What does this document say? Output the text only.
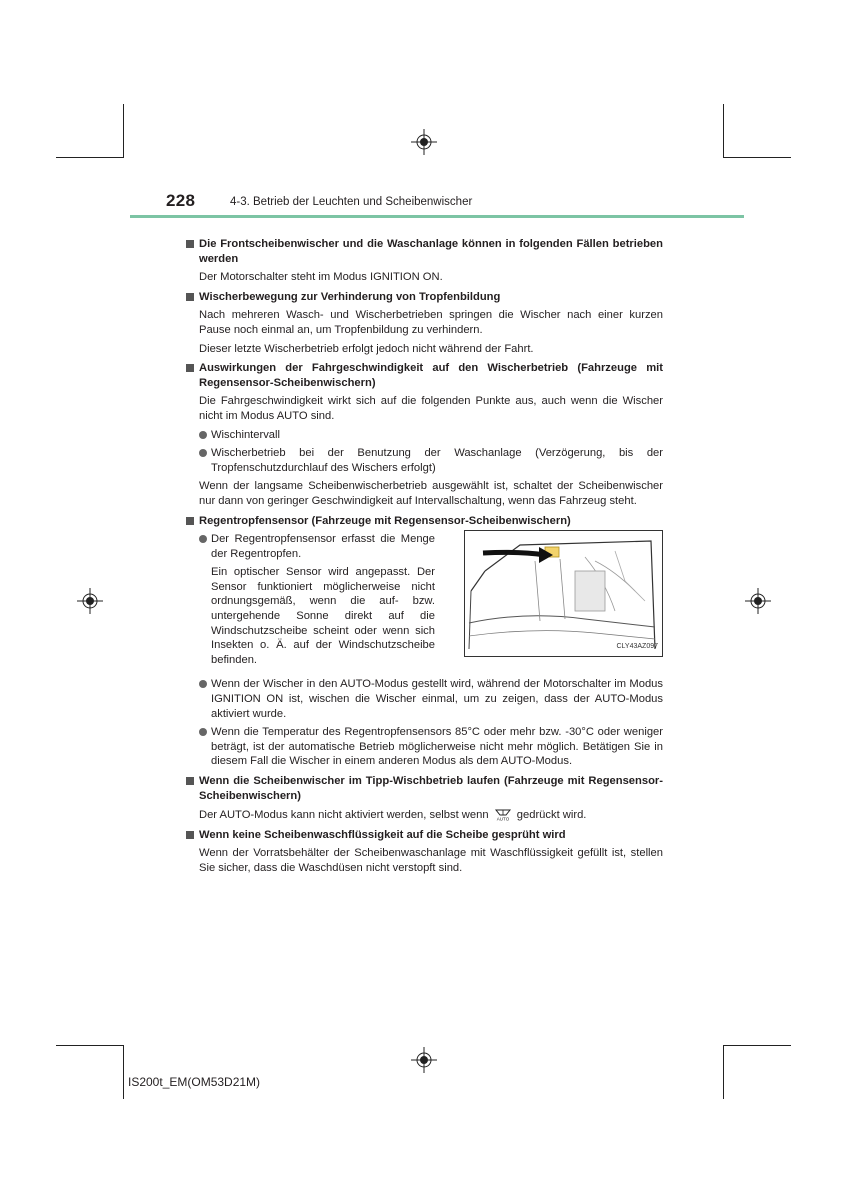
228	4-3. Betrieb der Leuchten und Scheibenwischer
Die Frontscheibenwischer und die Waschanlage können in folgenden Fällen betrieben werden
Der Motorschalter steht im Modus IGNITION ON.
Wischerbewegung zur Verhinderung von Tropfenbildung
Nach mehreren Wasch- und Wischerbetrieben springen die Wischer nach einer kurzen Pause noch einmal an, um Tropfenbildung zu verhindern.
Dieser letzte Wischerbetrieb erfolgt jedoch nicht während der Fahrt.
Auswirkungen der Fahrgeschwindigkeit auf den Wischerbetrieb (Fahrzeuge mit Regensensor-Scheibenwischern)
Die Fahrgeschwindigkeit wirkt sich auf die folgenden Punkte aus, auch wenn die Wischer nicht im Modus AUTO sind.
Wischintervall
Wischerbetrieb bei der Benutzung der Waschanlage (Verzögerung, bis der Tropfenschutzdurchlauf des Wischers erfolgt)
Wenn der langsame Scheibenwischerbetrieb ausgewählt ist, schaltet der Scheibenwischer nur dann von geringer Geschwindigkeit auf Intervallschaltung, wenn das Fahrzeug steht.
Regentropfensensor (Fahrzeuge mit Regensensor-Scheibenwischern)
Der Regentropfensensor erfasst die Menge der Regentropfen.
Ein optischer Sensor wird angepasst. Der Sensor funktioniert möglicherweise nicht ordnungsgemäß, wenn die auf- bzw. untergehende Sonne direkt auf die Windschutzscheibe scheint oder wenn sich Insekten o. Ä. auf der Windschutzscheibe befinden.
CLY43AZ097
Wenn der Wischer in den AUTO-Modus gestellt wird, während der Motorschalter im Modus IGNITION ON ist, wischen die Wischer einmal, um zu zeigen, dass der AUTO-Modus aktiviert wurde.
Wenn die Temperatur des Regentropfensensors 85°C oder mehr bzw. -30°C oder weniger beträgt, ist der automatische Betrieb möglicherweise nicht mehr möglich. Betätigen Sie in diesem Fall die Wischer in einem anderen Modus als dem AUTO-Modus.
Wenn die Scheibenwischer im Tipp-Wischbetrieb laufen (Fahrzeuge mit Regensensor-Scheibenwischern)
Der AUTO-Modus kann nicht aktiviert werden, selbst wenn AUTO gedrückt wird.
Wenn keine Scheibenwaschflüssigkeit auf die Scheibe gesprüht wird
Wenn der Vorratsbehälter der Scheibenwaschanlage mit Waschflüssigkeit gefüllt ist, stellen Sie sicher, dass die Waschdüsen nicht verstopft sind.
IS200t_EM(OM53D21M)
